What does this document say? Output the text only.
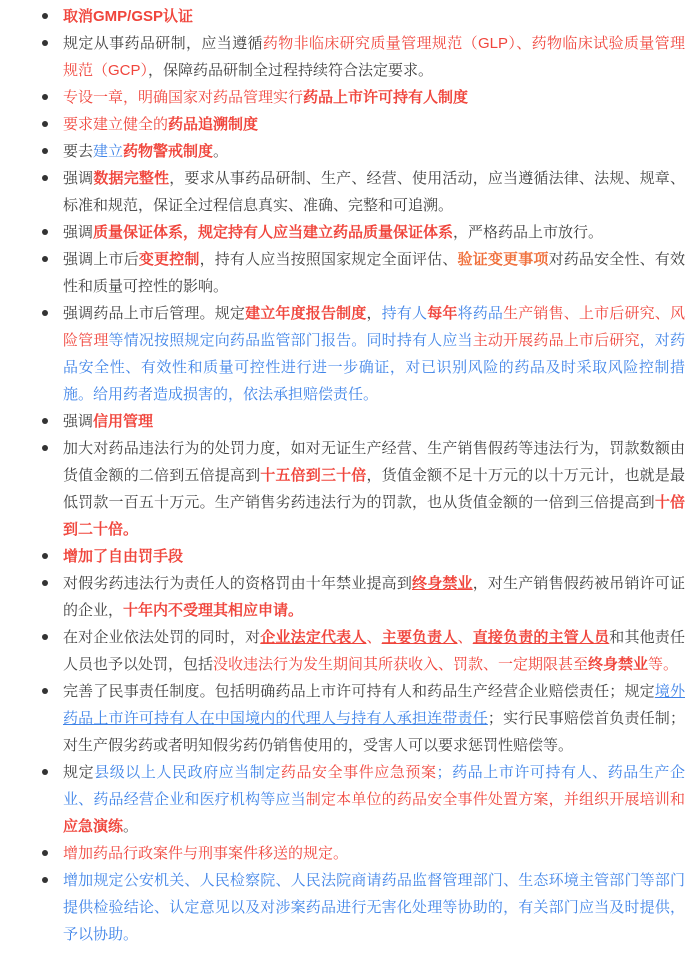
取消GMP/GSP认证
规定从事药品研制，应当遵循药物非临床研究质量管理规范（GLP）、药物临床试验质量管理规范（GCP），保障药品研制全过程持续符合法定要求。
专设一章，明确国家对药品管理实行药品上市许可持有人制度
要求建立健全的药品追溯制度
要去建立药物警戒制度。
强调数据完整性，要求从事药品研制、生产、经营、使用活动，应当遵循法律、法规、规章、标准和规范，保证全过程信息真实、准确、完整和可追溯。
强调质量保证体系，规定持有人应当建立药品质量保证体系，严格药品上市放行。
强调上市后变更控制，持有人应当按照国家规定全面评估、验证变更事项对药品安全性、有效性和质量可控性的影响。
强调药品上市后管理。规定建立年度报告制度，持有人每年将药品生产销售、上市后研究、风险管理等情况按照规定向药品监管部门报告。同时持有人应当主动开展药品上市后研究，对药品安全性、有效性和质量可控性进行进一步确证，对已识别风险的药品及时采取风险控制措施。给用药者造成损害的，依法承担赔偿责任。
强调信用管理
加大对药品违法行为的处罚力度，如对无证生产经营、生产销售假药等违法行为，罚款数额由货值金额的二倍到五倍提高到十五倍到三十倍，货值金额不足十万元的以十万元计，也就是最低罚款一百五十万元。生产销售劣药违法行为的罚款，也从货值金额的一倍到三倍提高到十倍到二十倍。
增加了自由罚手段
对假劣药违法行为责任人的资格罚由十年禁业提高到终身禁业，对生产销售假药被吊销许可证的企业，十年内不受理其相应申请。
在对企业依法处罚的同时，对企业法定代表人、主要负责人、直接负责的主管人员和其他责任人员也予以处罚，包括没收违法行为发生期间其所获收入、罚款、一定期限甚至终身禁业等。
完善了民事责任制度。包括明确药品上市许可持有人和药品生产经营企业赔偿责任；规定境外药品上市许可持有人在中国境内的代理人与持有人承担连带责任；实行民事赔偿首负责任制；对生产假劣药或者明知假劣药仍销售使用的，受害人可以要求惩罚性赔偿等。
规定县级以上人民政府应当制定药品安全事件应急预案；药品上市许可持有人、药品生产企业、药品经营企业和医疗机构等应当制定本单位的药品安全事件处置方案，并组织开展培训和应急演练。
增加药品行政案件与刑事案件移送的规定。
增加规定公安机关、人民检察院、人民法院商请药品监督管理部门、生态环境主管部门等部门提供检验结论、认定意见以及对涉案药品进行无害化处理等协助的，有关部门应当及时提供，予以协助。
